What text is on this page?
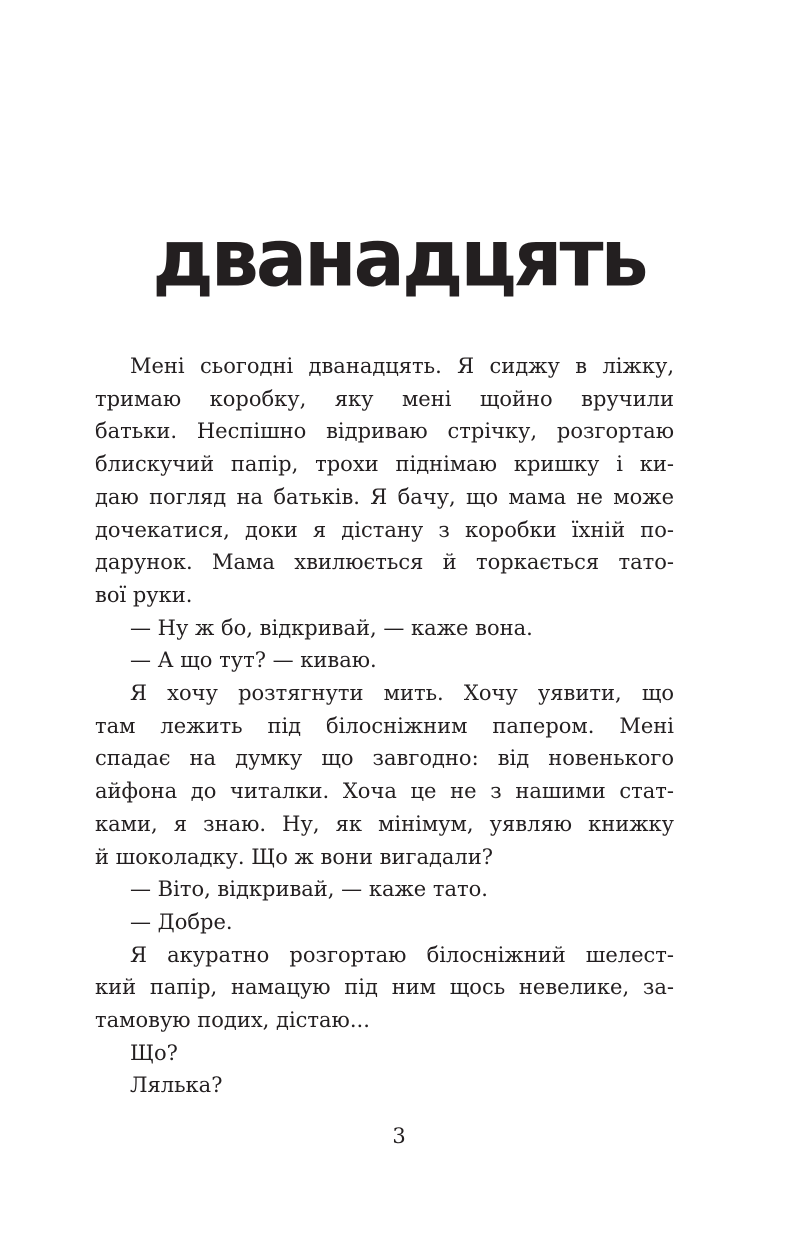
дванадцять

Мені сьогодні дванадцять. Я сиджу в ліжку,
тримаю коробку, яку мені щойно вручили
батьки. Неспішно відриваю стрічку, розгортаю
блискучий папір, трохи піднімаю кришку і ки-
даю погляд на батьків. Я бачу, що мама не може
дочекатися, доки я дістану з коробки їхній по-
дарунок. Мама хвилюється й торкається тато-
вої руки.

— Ну ж бо, відкривай, — каже вона.

— А що тут? — киваю.

Я хочу розтягнути мить. Хочу уявити, що
там лежить під білосніжним папером. Мені
спадає на думку що завгодно: від новенького
айфона до читалки. Хоча це не з нашими стат-
ками, я знаю. Ну, як мінімум, уявляю книжку
й шоколадку. Що ж вони вигадали?

— Віто, відкривай, — каже тато.

— Добре.

Я акуратно розгортаю білосніжний шелест-
кий папір, намацую під ним щось невелике, за-
тамовую подих, дістаю...

Що?

Лялька?

3
